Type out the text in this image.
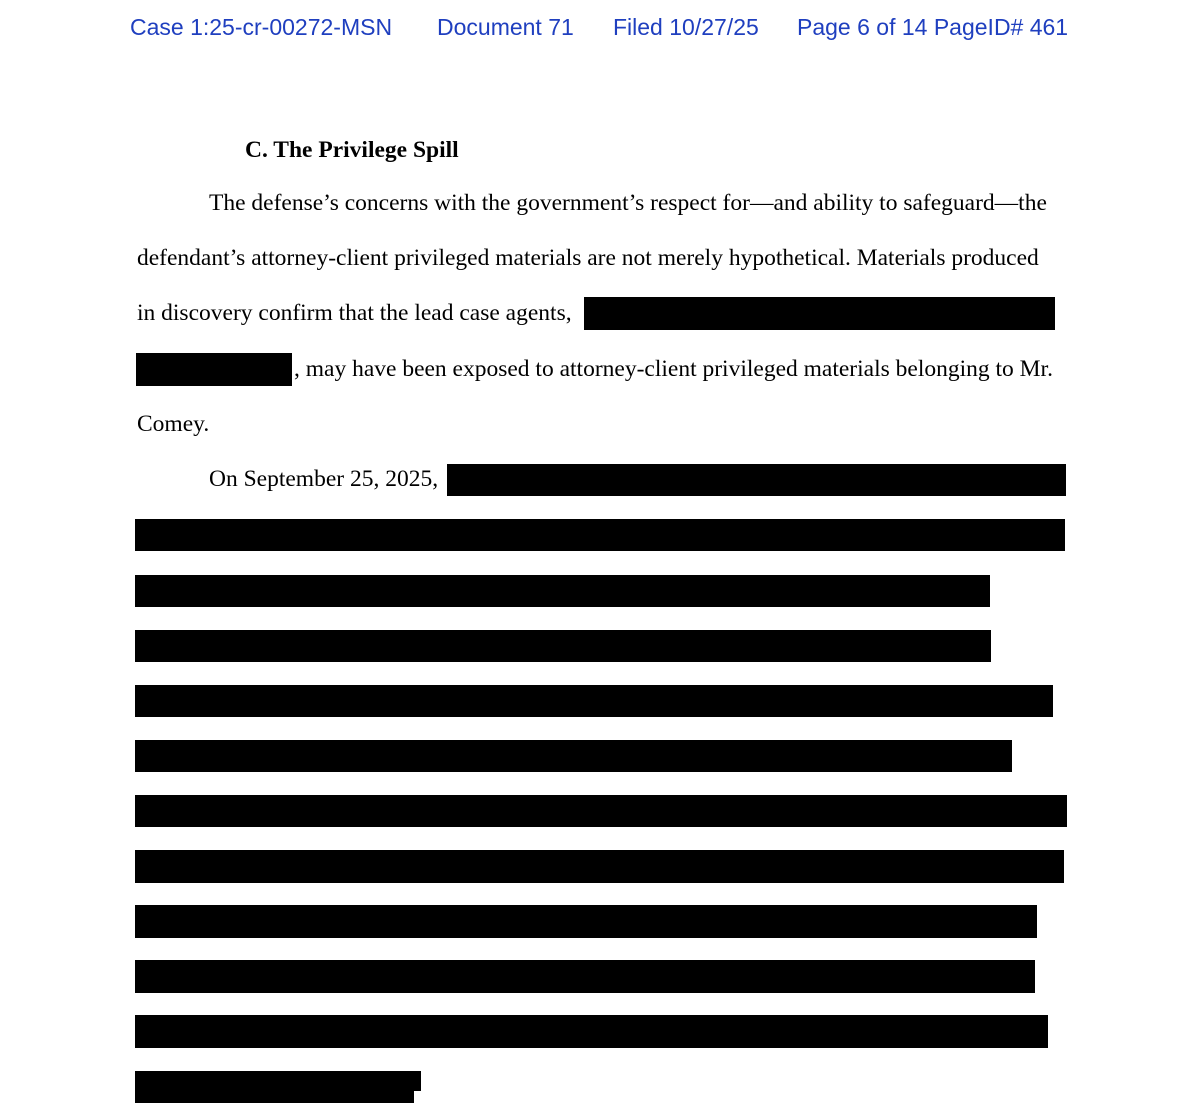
Case 1:25-cr-00272-MSN Document 71 Filed 10/27/25 Page 6 of 14 PageID# 461
C. The Privilege Spill
The defense’s concerns with the government’s respect for—and ability to safeguard—the
defendant’s attorney-client privileged materials are not merely hypothetical. Materials produced
in discovery confirm that the lead case agents,
, may have been exposed to attorney-client privileged materials belonging to Mr.
Comey.
On September 25, 2025,
